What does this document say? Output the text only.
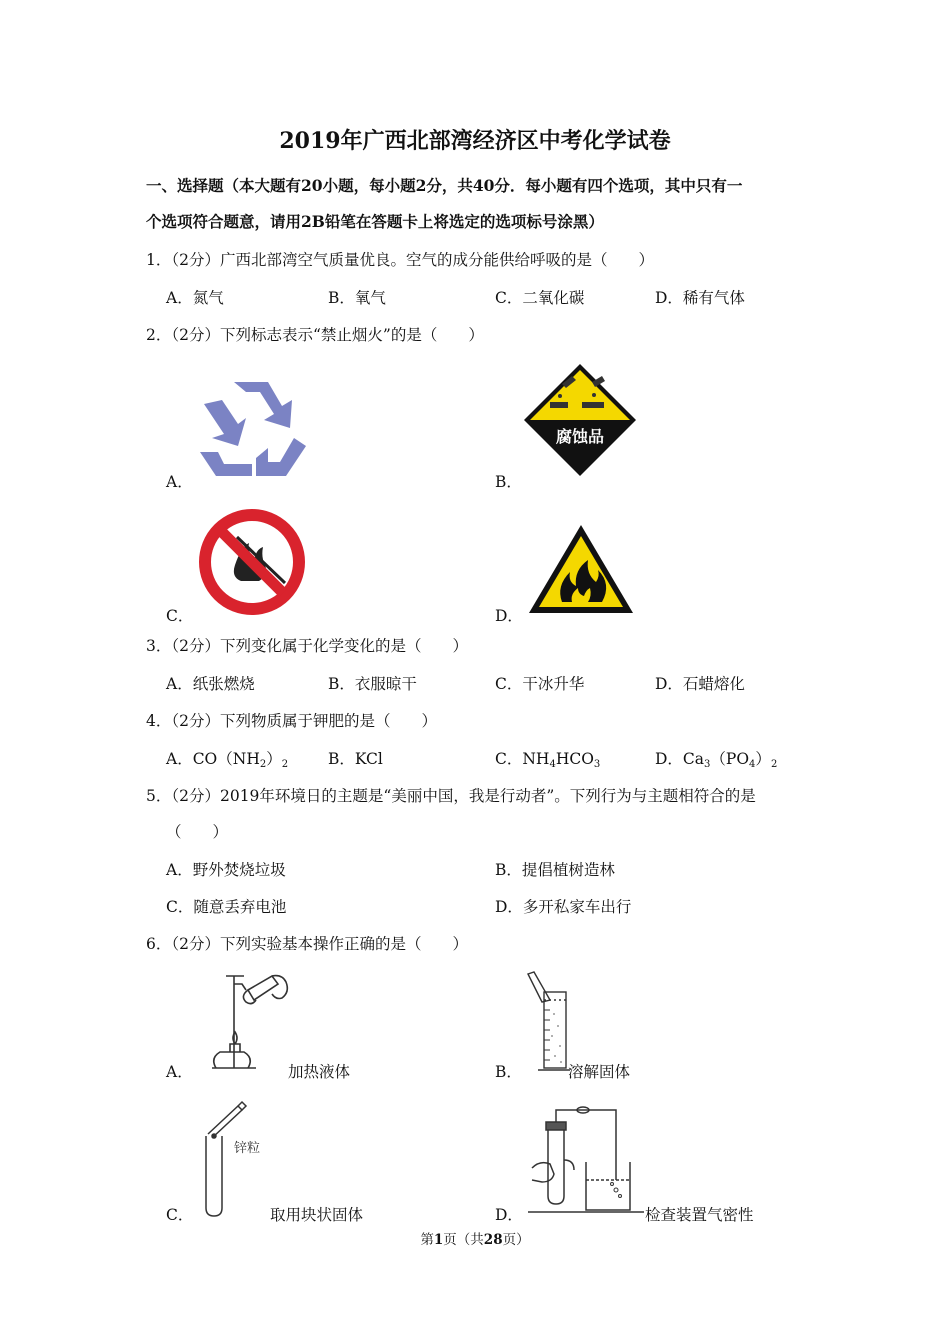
2019年广西北部湾经济区中考化学试卷
一、选择题（本大题有20小题，每小题2分，共40分．每小题有四个选项，其中只有一
个选项符合题意，请用2B铅笔在答题卡上将选定的选项标号涂黑）
1．（2分）广西北部湾空气质量优良。空气的成分能供给呼吸的是（　　）
A．氮气	B．氧气	C．二氧化碳	D．稀有气体
2．（2分）下列标志表示“禁止烟火”的是（　　）
A．
腐蚀品
B．
C．	D．
3．（2分）下列变化属于化学变化的是（　　）
A．纸张燃烧	B．衣服晾干	C．干冰升华	D．石蜡熔化
4．（2分）下列物质属于钾肥的是（　　）
A．$CO(NH_2)_2$	B．KCl	C．$NH_4HCO_3$	D．$Ca_3(PO_4)_2$
5．（2分）2019年环境日的主题是“美丽中国，我是行动者”。下列行为与主题相符合的是
（　　）
A．野外焚烧垃圾	B．提倡植树造林
C．随意丢弃电池	D．多开私家车出行
6．（2分）下列实验基本操作正确的是（　　）
A．	加热液体	B．	溶解固体
锌粒
C．	取用块状固体	D．	检查装置气密性
第1页（共28页）
